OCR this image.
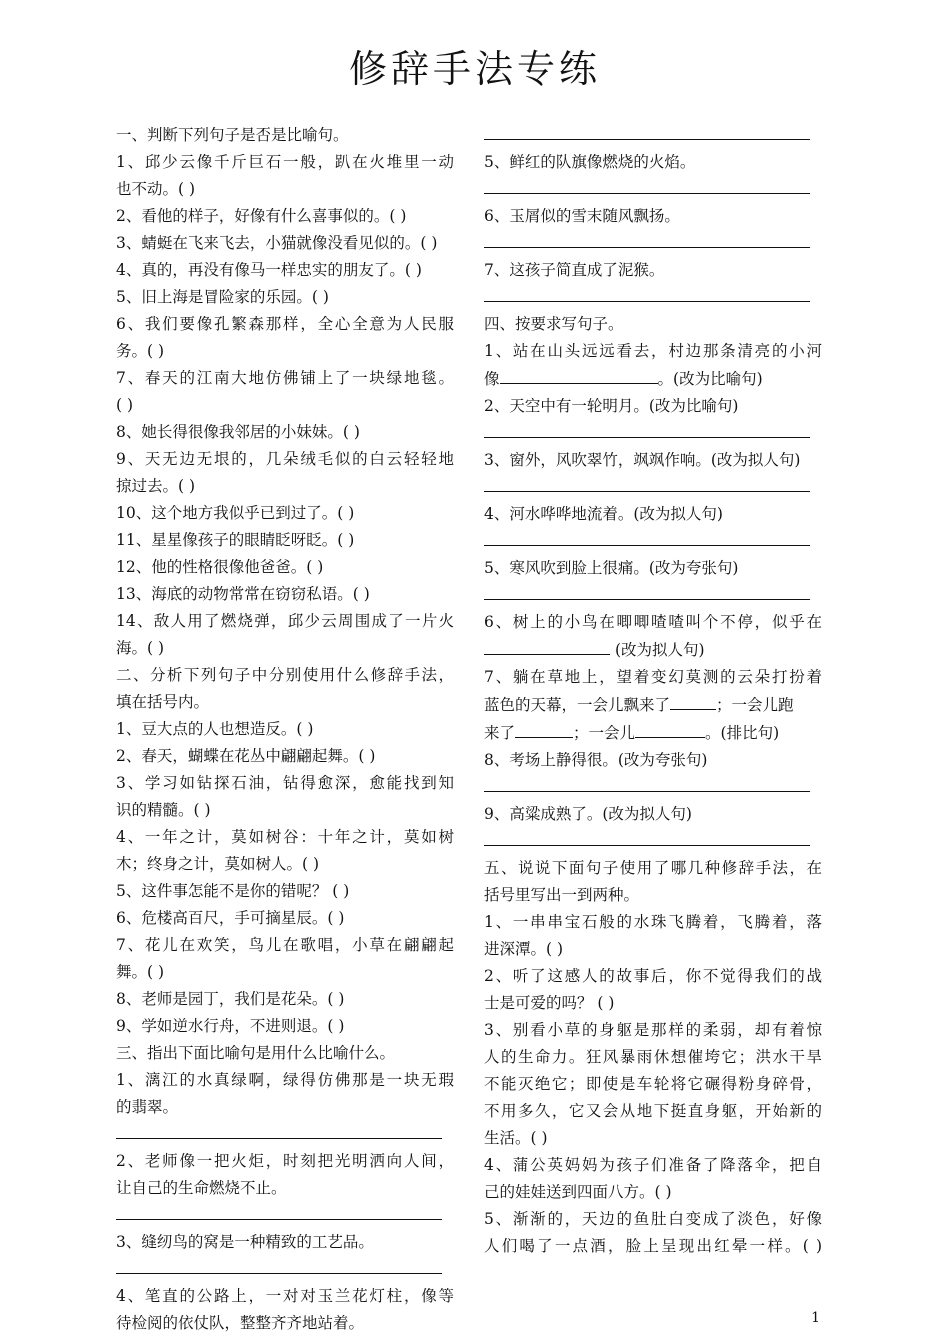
修辞手法专练
一、判断下列句子是否是比喻句。
1、邱少云像千斤巨石一般，趴在火堆里一动
也不动。( )
2、看他的样子，好像有什么喜事似的。( )
3、蜻蜓在飞来飞去，小猫就像没看见似的。( )
4、真的，再没有像马一样忠实的朋友了。( )
5、旧上海是冒险家的乐园。( )
6、我们要像孔繁森那样，全心全意为人民服
务。( )
7、春天的江南大地仿佛铺上了一块绿地毯。
( )
8、她长得很像我邻居的小妹妹。( )
9、天无边无垠的，几朵绒毛似的白云轻轻地
掠过去。( )
10、这个地方我似乎已到过了。( )
11、星星像孩子的眼睛眨呀眨。( )
12、他的性格很像他爸爸。( )
13、海底的动物常常在窃窃私语。( )
14、敌人用了燃烧弹，邱少云周围成了一片火
海。( )
二、分析下列句子中分别使用什么修辞手法，
填在括号内。
1、豆大点的人也想造反。( )
2、春天，蝴蝶在花丛中翩翩起舞。( )
3、学习如钻探石油，钻得愈深，愈能找到知
识的精髓。( )
4、一年之计，莫如树谷：十年之计，莫如树
木；终身之计，莫如树人。( )
5、这件事怎能不是你的错呢？ ( )
6、危楼高百尺，手可摘星辰。( )
7、花儿在欢笑，鸟儿在歌唱，小草在翩翩起
舞。( )
8、老师是园丁，我们是花朵。( )
9、学如逆水行舟，不进则退。( )
三、指出下面比喻句是用什么比喻什么。
1、漓江的水真绿啊，绿得仿佛那是一块无瑕
的翡翠。
2、老师像一把火炬，时刻把光明洒向人间，
让自己的生命燃烧不止。
3、缝纫鸟的窝是一种精致的工艺品。
4、笔直的公路上，一对对玉兰花灯柱，像等
待检阅的依仗队，整整齐齐地站着。
5、鲜红的队旗像燃烧的火焰。
6、玉屑似的雪末随风飘扬。
7、这孩子简直成了泥猴。
四、按要求写句子。
1、站在山头远远看去，村边那条清亮的小河
像	。(改为比喻句)
2、天空中有一轮明月。(改为比喻句)
3、窗外，风吹翠竹，飒飒作响。(改为拟人句)
4、河水哗哗地流着。(改为拟人句)
5、寒风吹到脸上很痛。(改为夸张句)
6、树上的小鸟在唧唧喳喳叫个不停，似乎在
(改为拟人句)
7、躺在草地上，望着变幻莫测的云朵打扮着
蓝色的天幕，一会儿飘来了	；一会儿跑
来了	；一会儿	。(排比句)
8、考场上静得很。(改为夸张句)
9、高粱成熟了。(改为拟人句)
五、说说下面句子使用了哪几种修辞手法，在
括号里写出一到两种。
1、一串串宝石般的水珠飞腾着，飞腾着，落
进深潭。( )
2、听了这感人的故事后，你不觉得我们的战
士是可爱的吗？ ( )
3、别看小草的身躯是那样的柔弱，却有着惊
人的生命力。狂风暴雨休想催垮它；洪水干旱
不能灭绝它；即使是车轮将它碾得粉身碎骨，
不用多久，它又会从地下挺直身躯，开始新的
生活。( )
4、蒲公英妈妈为孩子们准备了降落伞，把自
己的娃娃送到四面八方。( )
5、渐渐的，天边的鱼肚白变成了淡色，好像
人们喝了一点酒，脸上呈现出红晕一样。( )
1
